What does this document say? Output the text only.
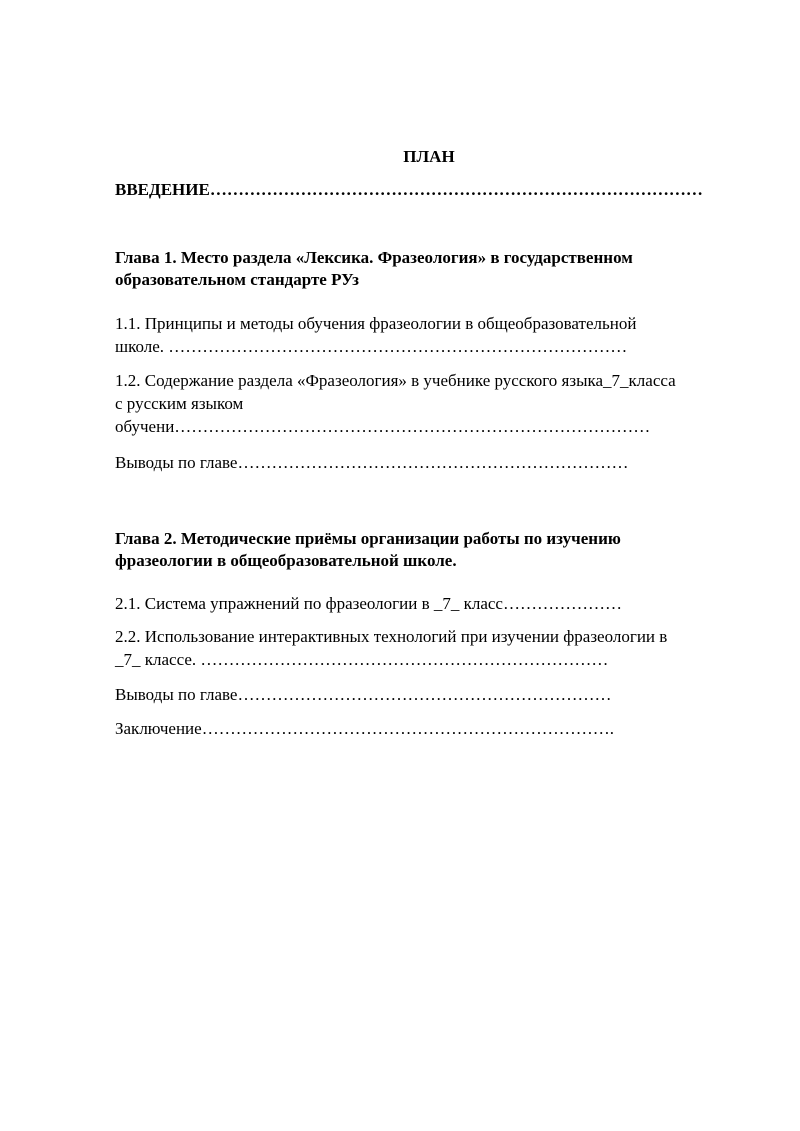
ПЛАН
ВВЕДЕНИЕ……………………………………………………………………………
Глава 1. Место раздела «Лексика. Фразеология» в государственном
образовательном стандарте РУз
1.1. Принципы и методы обучения фразеологии в общеобразовательной
школе. ………………………………………………………………………
1.2. Содержание раздела «Фразеология» в учебнике русского языка_7_класса
с русским языком
обучени…………………………………………………………………………
Выводы по главе……………………………………………………………
Глава 2. Методические приёмы организации работы по изучению
фразеологии в общеобразовательной школе.
2.1. Система упражнений по фразеологии в _7_ класс…………………
2.2. Использование интерактивных технологий при изучении фразеологии в
_7_ классе. ………………………………………………………………
Выводы по главе…………………………………………………………
Заключение……………………………………………………………….
